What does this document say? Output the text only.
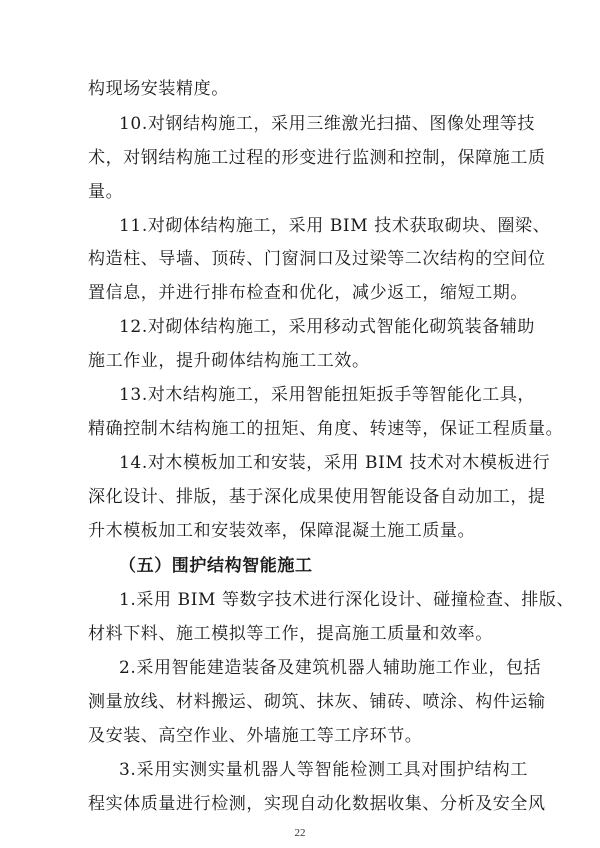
构现场安装精度。
10.对钢结构施工，采用三维激光扫描、图像处理等技
术，对钢结构施工过程的形变进行监测和控制，保障施工质
量。
11.对砌体结构施工，采用 BIM 技术获取砌块、圈梁、
构造柱、导墙、顶砖、门窗洞口及过梁等二次结构的空间位
置信息，并进行排布检查和优化，减少返工，缩短工期。
12.对砌体结构施工，采用移动式智能化砌筑装备辅助
施工作业，提升砌体结构施工工效。
13.对木结构施工，采用智能扭矩扳手等智能化工具，
精确控制木结构施工的扭矩、角度、转速等，保证工程质量。
14.对木模板加工和安装，采用 BIM 技术对木模板进行
深化设计、排版，基于深化成果使用智能设备自动加工，提
升木模板加工和安装效率，保障混凝土施工质量。
（五）围护结构智能施工
1.采用 BIM 等数字技术进行深化设计、碰撞检查、排版、
材料下料、施工模拟等工作，提高施工质量和效率。
2.采用智能建造装备及建筑机器人辅助施工作业，包括
测量放线、材料搬运、砌筑、抹灰、铺砖、喷涂、构件运输
及安装、高空作业、外墙施工等工序环节。
3.采用实测实量机器人等智能检测工具对围护结构工
程实体质量进行检测，实现自动化数据收集、分析及安全风
22
